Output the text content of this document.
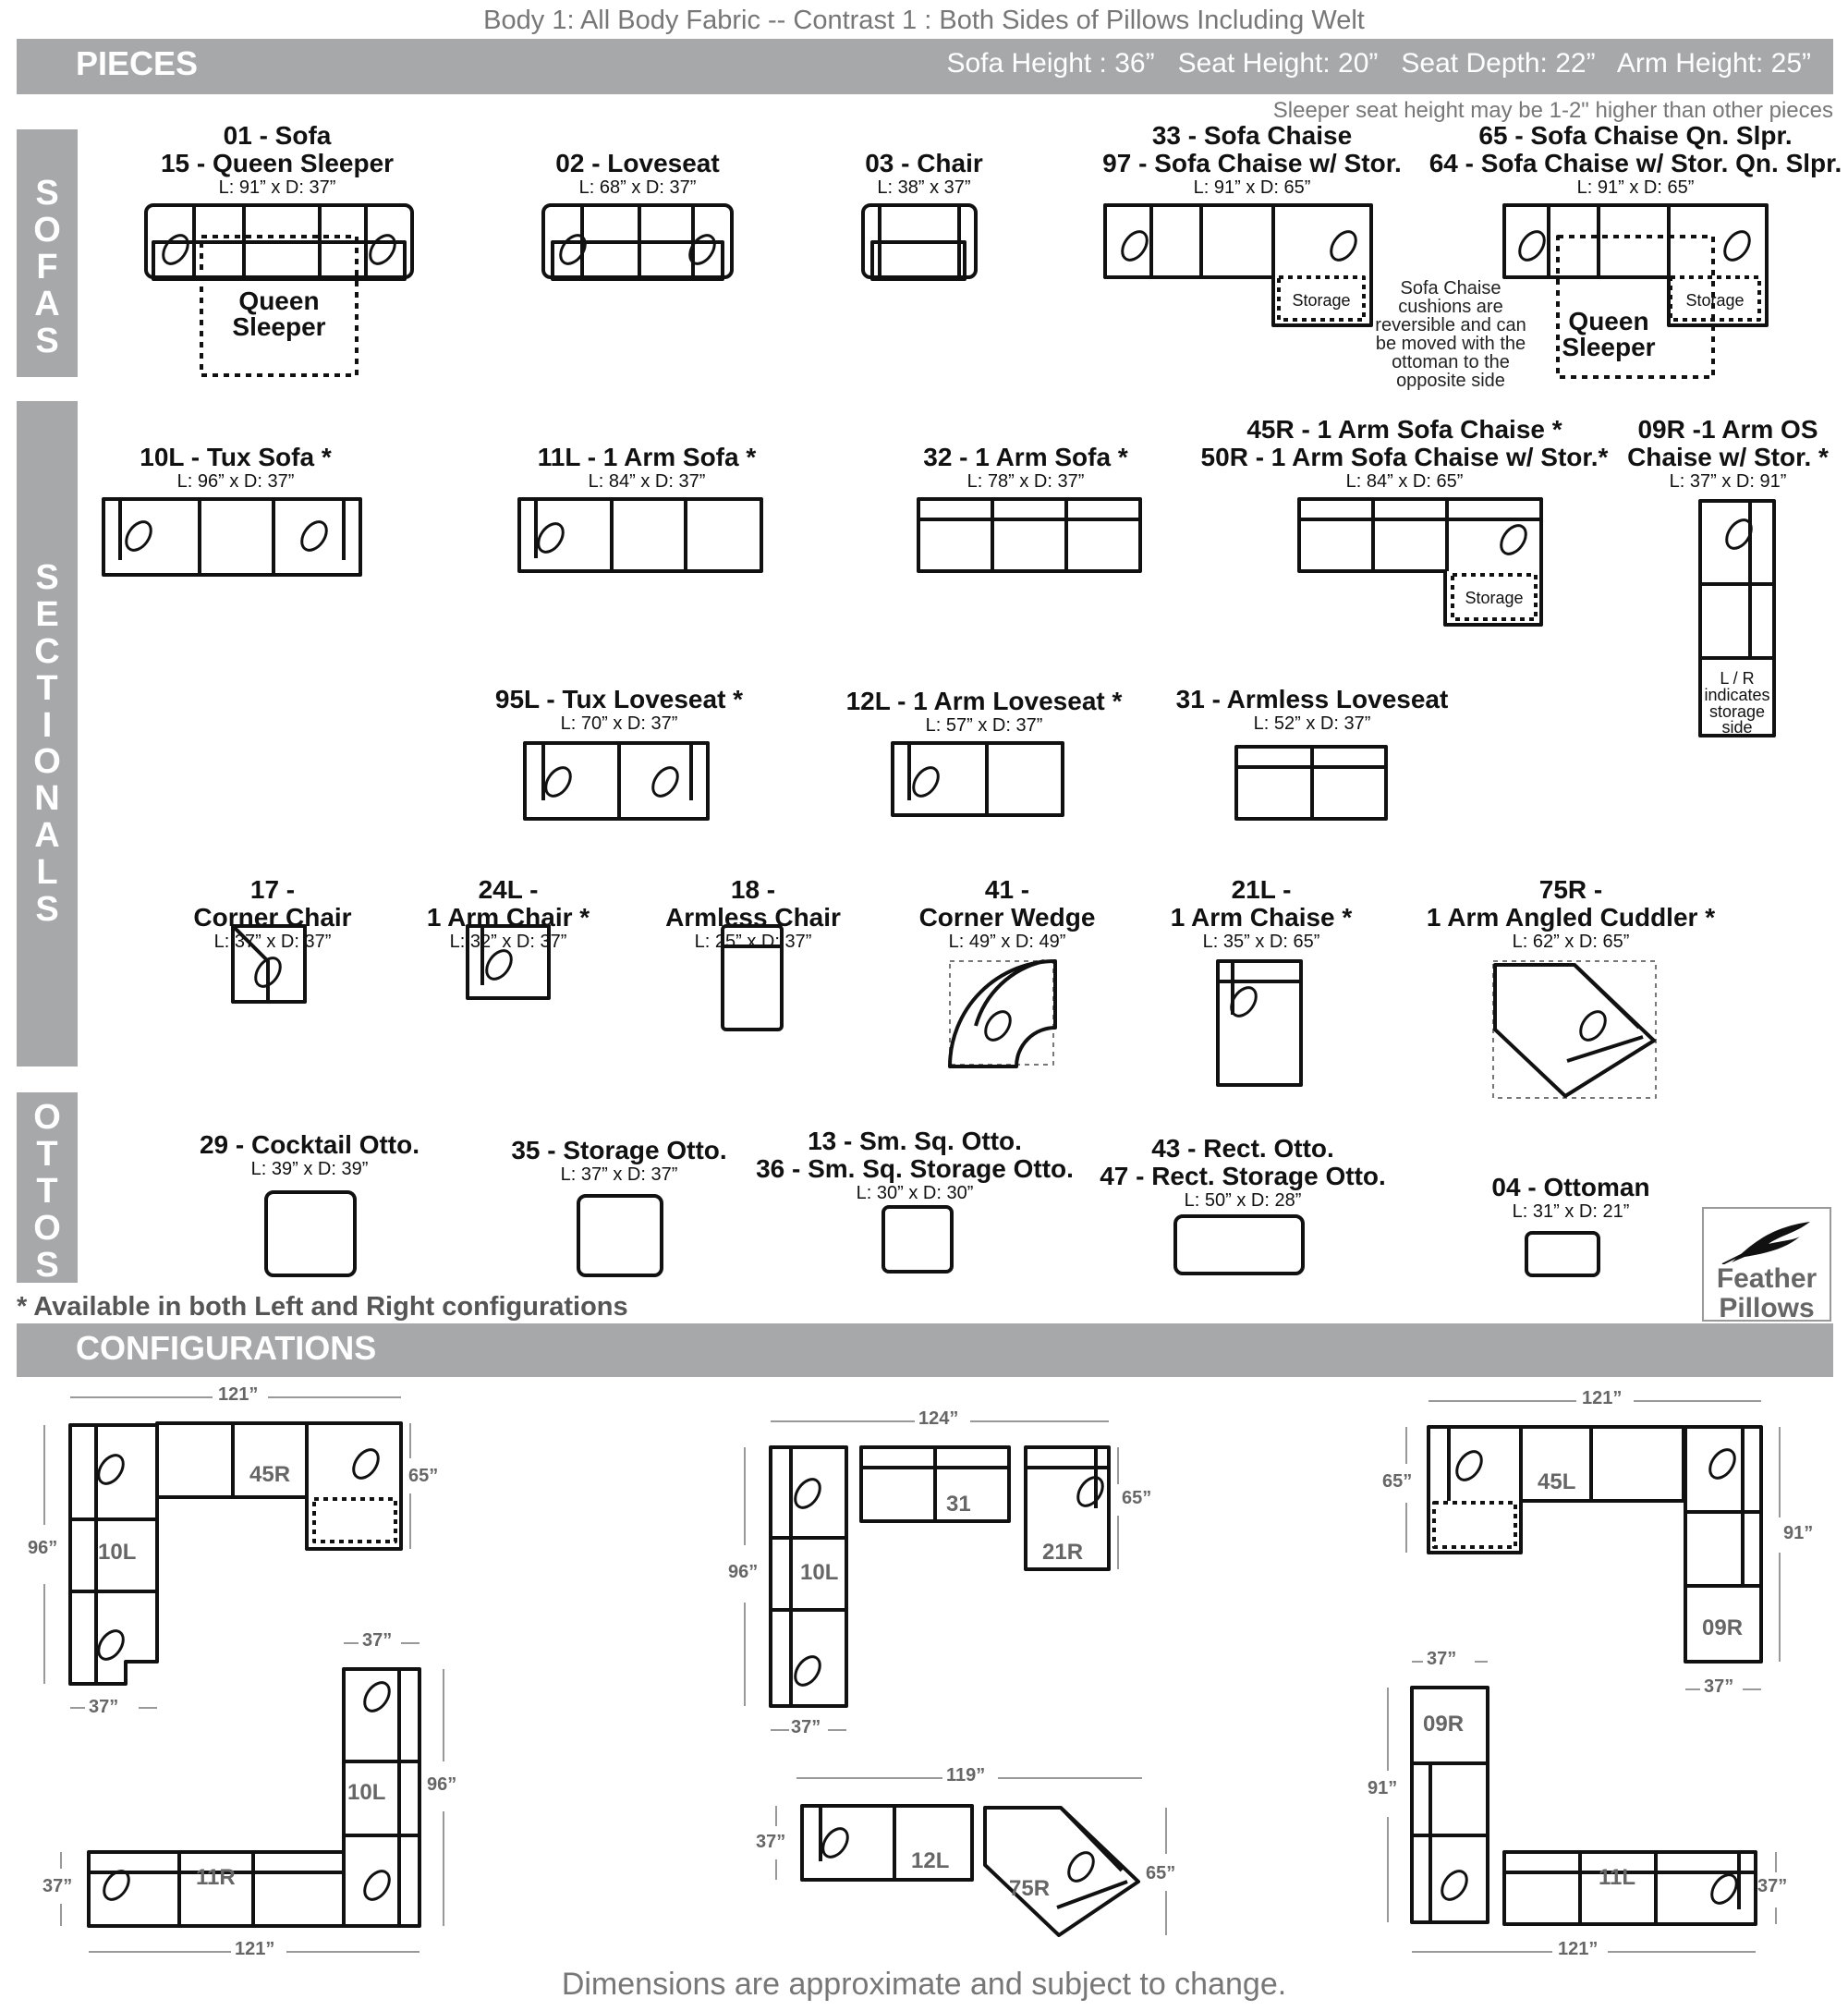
Body 1: All Body Fabric -- Contrast 1 : Both Sides of Pillows Including Welt
PIECES	Sofa Height : 36” Seat Height: 20” Seat Depth: 22” Arm Height: 25”
Sleeper seat height may be 1-2" higher than other pieces
SOFAS
SECTIONALS
OTTOS
01 - Sofa
15 - Queen Sleeper
L: 91” x D: 37”
02 - Loveseat
L: 68” x D: 37”
03 - Chair
L: 38” x 37”
33 - Sofa Chaise
97 - Sofa Chaise w/ Stor.
L: 91” x D: 65”
65 - Sofa Chaise Qn. Slpr.
64 - Sofa Chaise w/ Stor. Qn. Slpr.
L: 91” x D: 65”
Sofa Chaise cushions are reversible and can be moved with the ottoman to the opposite side
10L - Tux Sofa *
L: 96” x D: 37”
11L - 1 Arm Sofa *
L: 84” x D: 37”
32 - 1 Arm Sofa *
L: 78” x D: 37”
45R - 1 Arm Sofa Chaise *
50R - 1 Arm Sofa Chaise w/ Stor.*
L: 84” x D: 65”
09R -1 Arm OS
Chaise w/ Stor. *
L: 37” x D: 91”
95L - Tux Loveseat *
L: 70” x D: 37”
12L - 1 Arm Loveseat *
L: 57” x D: 37”
31 - Armless Loveseat
L: 52” x D: 37”
17 -
Corner Chair
L: 37” x D: 37”
24L -
1 Arm Chair *
L: 32” x D: 37”
18 -
Armless Chair
L: 25” x D: 37”
41 -
Corner Wedge
L: 49” x D: 49”
21L -
1 Arm Chaise *
L: 35” x D: 65”
75R -
1 Arm Angled Cuddler *
L: 62” x D: 65”
29 - Cocktail Otto.
L: 39” x D: 39”
35 - Storage Otto.
L: 37” x D: 37”
13 - Sm. Sq. Otto.
36 - Sm. Sq. Storage Otto.
L: 30” x D: 30”
43 - Rect. Otto.
47 - Rect. Storage Otto.
L: 50” x D: 28”	04 - Ottoman
L: 31” x D: 21”
Feather
Pillows
* Available in both Left and Right configurations
CONFIGURATIONS
Storage	Storage
Storage
L / R
indicates
storage
side
Queen Sleeper	Queen Sleeper
121”
96”
65”
37”
45R
10L
37”
96”
37”
121”
10L
11R
124”
96”
65”
37”
31
10L
21R
119”
37”
65”
12L
75R
121”
65”
91”
37”
45L
09R
37”
91”
37”
121”
09R
11L
Dimensions are approximate and subject to change.
